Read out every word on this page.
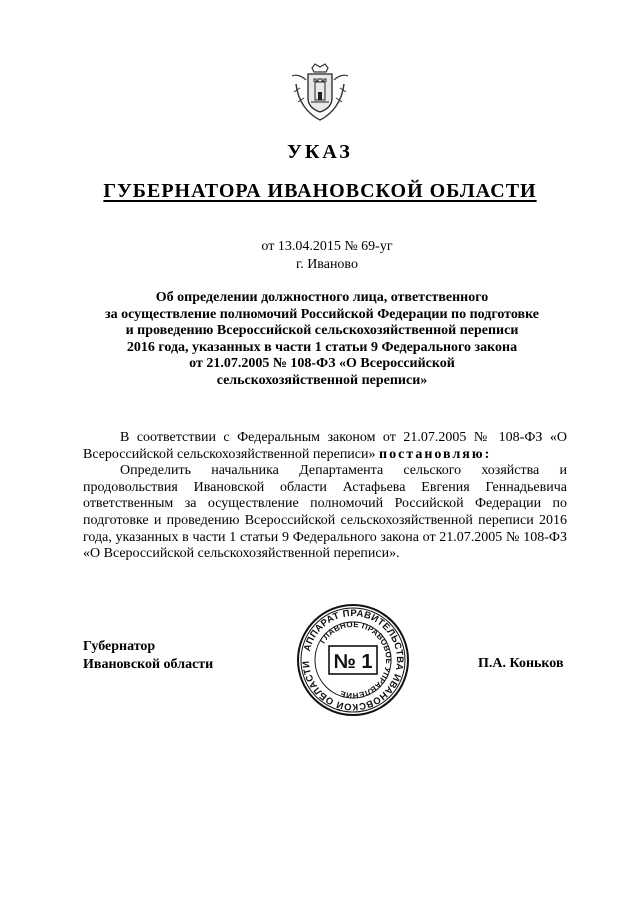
УКАЗ
ГУБЕРНАТОРА ИВАНОВСКОЙ ОБЛАСТИ
от 13.04.2015 № 69-уг
г. Иваново
Об определении должностного лица, ответственного
за осуществление полномочий Российской Федерации по подготовке
и проведению Всероссийской сельскохозяйственной переписи
2016 года, указанных в части 1 статьи 9 Федерального закона
от 21.07.2005 № 108-ФЗ «О Всероссийской
сельскохозяйственной переписи»

В соответствии с Федеральным законом от 21.07.2005 № 108-ФЗ «О Всероссийской сельскохозяйственной переписи» постановляю:

Определить начальника Департамента сельского хозяйства и продовольствия Ивановской области Астафьева Евгения Геннадьевича ответственным за осуществление полномочий Российской Федерации по подготовке и проведению Всероссийской сельскохозяйственной переписи 2016 года, указанных в части 1 статьи 9 Федерального закона от 21.07.2005 № 108-ФЗ «О Всероссийской сельскохозяйственной переписи».

Губернатор
Ивановской области
АППАРАТ ПРАВИТЕЛЬСТВА ИВАНОВСКОЙ ОБЛАСТИ
ГЛАВНОЕ ПРАВОВОЕ УПРАВЛЕНИЕ
№ 1	П.А. Коньков
